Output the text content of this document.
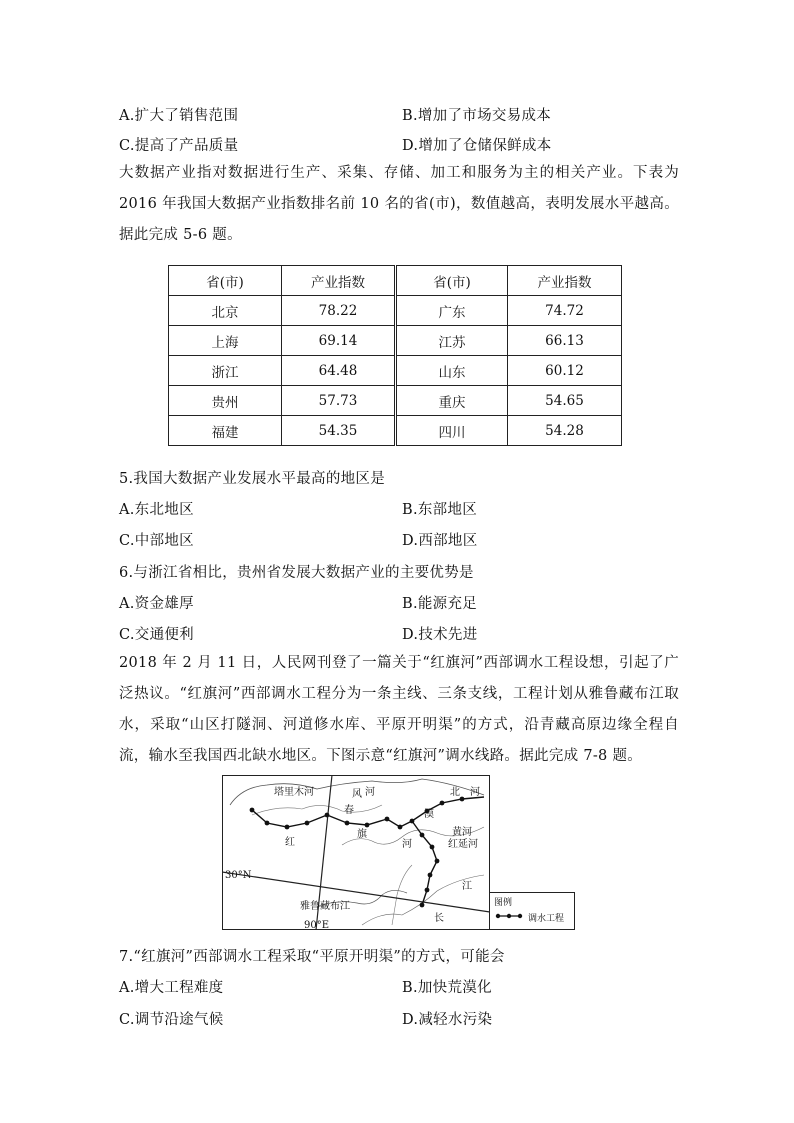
A.扩大了销售范围	B.增加了市场交易成本
C.提高了产品质量	D.增加了仓储保鲜成本
大数据产业指对数据进行生产、采集、存储、加工和服务为主的相关产业。下表为 2016 年我国大数据产业指数排名前 10 名的省(市)，数值越高，表明发展水平越高。据此完成 5-6 题。
省(市)	产业指数	省(市)	产业指数
北京	78.22	广东	74.72
上海	69.14	江苏	66.13
浙江	64.48	山东	60.12
贵州	57.73	重庆	54.65
福建	54.35	四川	54.28
5.我国大数据产业发展水平最高的地区是
A.东北地区	B.东部地区
C.中部地区	D.西部地区
6.与浙江省相比，贵州省发展大数据产业的主要优势是
A.资金雄厚	B.能源充足
C.交通便利	D.技术先进
2018 年 2 月 11 日，人民网刊登了一篇关于“红旗河”西部调水工程设想，引起了广泛热议。“红旗河”西部调水工程分为一条主线、三条支线，工程计划从雅鲁藏布江取水，采取“山区打隧洞、河道修水库、平原开明渠”的方式，沿青藏高原边缘全程自流，输水至我国西北缺水地区。下图示意“红旗河”调水线路。据此完成 7-8 题。
塔里木河	风 河
春
旗
红	河
北 河
漠
黄河
红延河
江
长
雅鲁藏布江
30°N
90°E
图例
调水工程
7.“红旗河”西部调水工程采取“平原开明渠”的方式，可能会
A.增大工程难度	B.加快荒漠化
C.调节沿途气候	D.减轻水污染
